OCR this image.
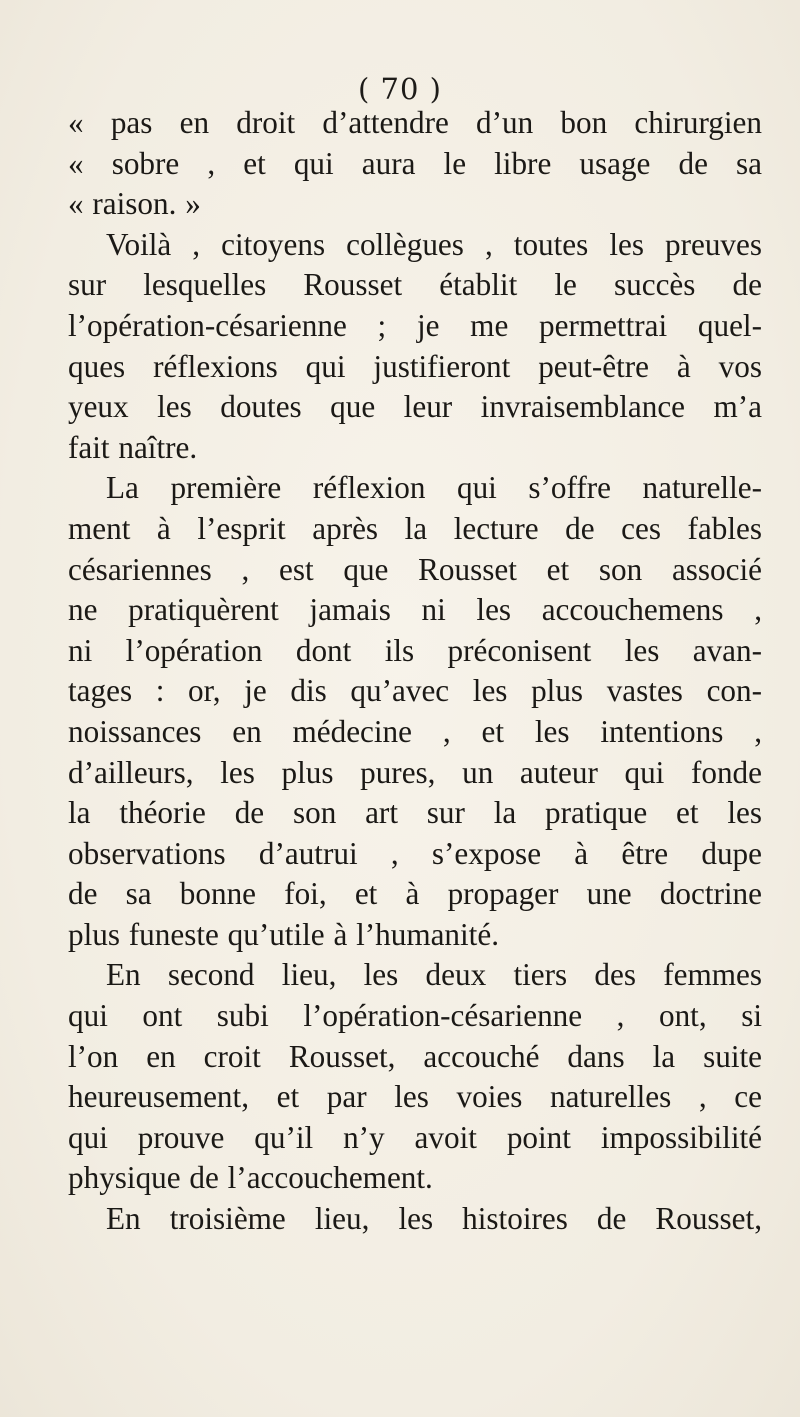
( 70 )
« pas en droit d’attendre d’un bon chirurgien
« sobre , et qui aura le libre usage de sa
« raison. »
Voilà , citoyens collègues , toutes les preuves
sur lesquelles Rousset établit le succès de
l’opération-césarienne ; je me permettrai quel-
ques réflexions qui justifieront peut-être à vos
yeux les doutes que leur invraisemblance m’a
fait naître.
La première réflexion qui s’offre naturelle-
ment à l’esprit après la lecture de ces fables
césariennes , est que Rousset et son associé
ne pratiquèrent jamais ni les accouchemens ,
ni l’opération dont ils préconisent les avan-
tages : or, je dis qu’avec les plus vastes con-
noissances en médecine , et les intentions ,
d’ailleurs, les plus pures, un auteur qui fonde
la théorie de son art sur la pratique et les
observations d’autrui , s’expose à être dupe
de sa bonne foi, et à propager une doctrine
plus funeste qu’utile à l’humanité.
En second lieu, les deux tiers des femmes
qui ont subi l’opération-césarienne , ont, si
l’on en croit Rousset, accouché dans la suite
heureusement, et par les voies naturelles , ce
qui prouve qu’il n’y avoit point impossibilité
physique de l’accouchement.
En troisième lieu, les histoires de Rousset,
